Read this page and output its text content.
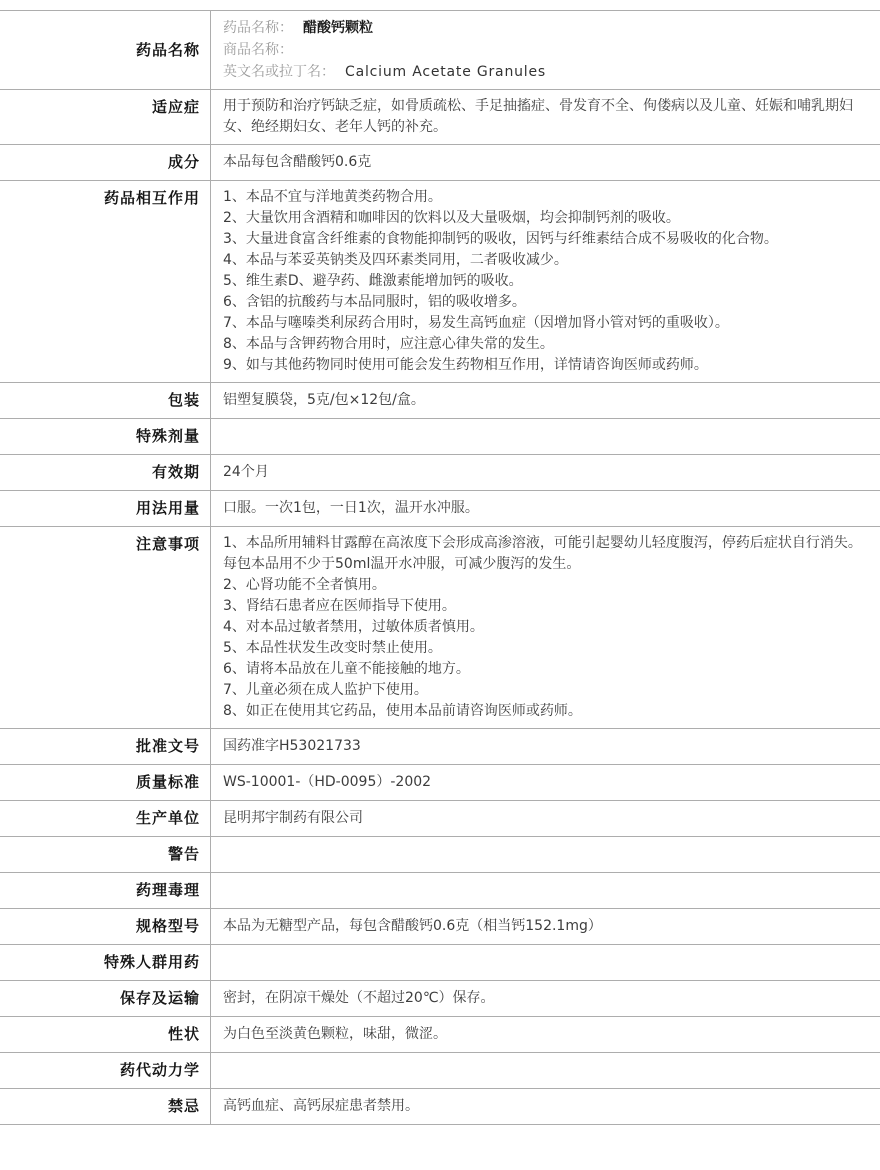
药品名称	药品名称： 醋酸钙颗粒
商品名称：
英文名或拉丁名： Calcium Acetate Granules

适应症	用于预防和治疗钙缺乏症，如骨质疏松、手足抽搐症、骨发育不全、佝偻病以及儿童、妊娠和哺乳期妇女、绝经期妇女、老年人钙的补充。
成分	本品每包含醋酸钙0.6克
药品相互作用	1、本品不宜与洋地黄类药物合用。
2、大量饮用含酒精和咖啡因的饮料以及大量吸烟，均会抑制钙剂的吸收。
3、大量进食富含纤维素的食物能抑制钙的吸收，因钙与纤维素结合成不易吸收的化合物。
4、本品与苯妥英钠类及四环素类同用，二者吸收减少。
5、维生素D、避孕药、雌激素能增加钙的吸收。
6、含铝的抗酸药与本品同服时，铝的吸收增多。
7、本品与噻嗪类利尿药合用时，易发生高钙血症（因增加肾小管对钙的重吸收）。
8、本品与含钾药物合用时，应注意心律失常的发生。
9、如与其他药物同时使用可能会发生药物相互作用，详情请咨询医师或药师。

包装	铝塑复膜袋，5克/包×12包/盒。
特殊剂量	
有效期	24个月
用法用量	口服。一次1包，一日1次，温开水冲服。
注意事项	1、本品所用辅料甘露醇在高浓度下会形成高渗溶液，可能引起婴幼儿轻度腹泻，停药后症状自行消失。每包本品用不少于50ml温开水冲服，可减少腹泻的发生。
2、心肾功能不全者慎用。
3、肾结石患者应在医师指导下使用。
4、对本品过敏者禁用，过敏体质者慎用。
5、本品性状发生改变时禁止使用。
6、请将本品放在儿童不能接触的地方。
7、儿童必须在成人监护下使用。
8、如正在使用其它药品，使用本品前请咨询医师或药师。

批准文号	国药准字H53021733
质量标准	WS-10001-（HD-0095）-2002
生产单位	昆明邦宇制药有限公司
警告	
药理毒理	
规格型号	本品为无糖型产品，每包含醋酸钙0.6克（相当钙152.1mg）
特殊人群用药	
保存及运输	密封，在阴凉干燥处（不超过20℃）保存。
性状	为白色至淡黄色颗粒，味甜，微涩。
药代动力学	
禁忌	高钙血症、高钙尿症患者禁用。
